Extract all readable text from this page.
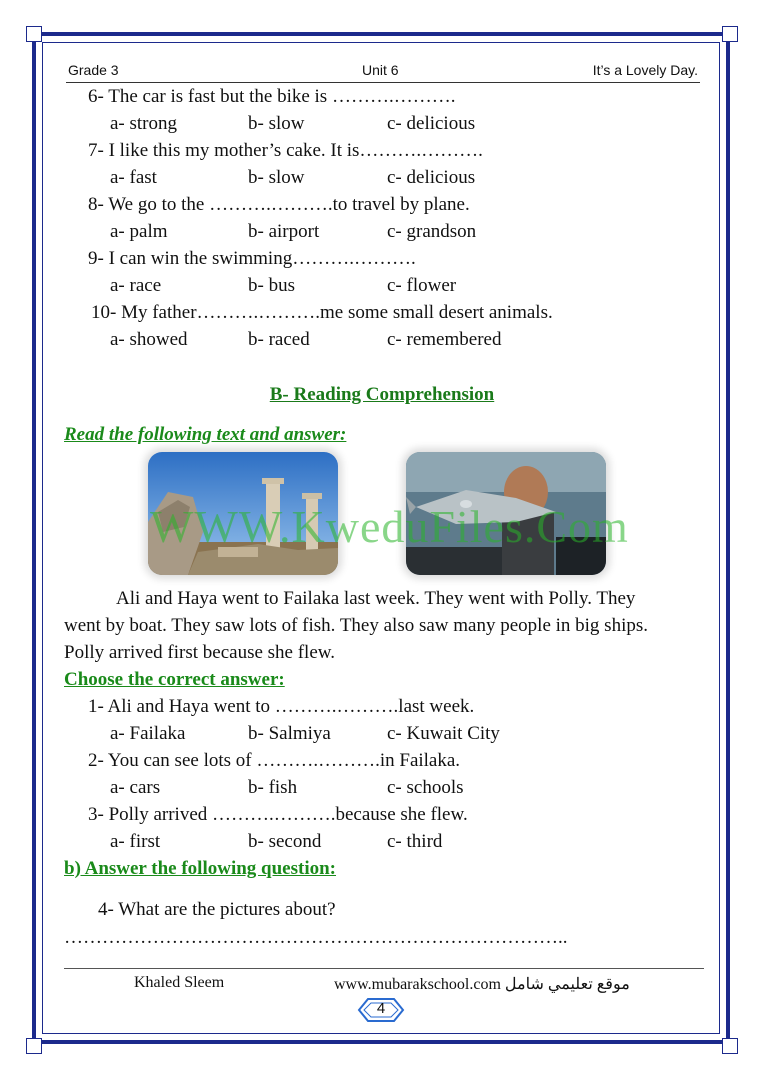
Grade 3	Unit 6	It’s a Lovely Day.
6- The car is fast but the bike is ……….……….
a- strong	b- slow	c- delicious
7- I like this my mother’s cake. It is……….……….
a- fast	b- slow	c- delicious
8- We go to the ……….……….to travel by plane.
a- palm	b- airport	c- grandson
9- I can win the swimming……….……….
a- race	b- bus	c- flower
10- My father……….……….me some small desert animals.
a- showed	b- raced	c- remembered
B- Reading Comprehension
Read the following text and answer:
WWW.KweduFiles.Com
Ali and Haya went to Failaka last week. They went with Polly. They
went by boat. They saw lots of fish. They also saw many people in big ships.
Polly arrived first because she flew.
Choose the correct answer:
1- Ali and Haya went to ……….……….last week.
a- Failaka	b- Salmiya	c- Kuwait City
2- You can see lots of ……….……….in Failaka.
a- cars	b- fish	c- schools
3- Polly arrived ……….……….because she flew.
a- first	b- second	c- third
b) Answer the following question:
4- What are the pictures about?
……………………………………………………………………..
Khaled Sleem	www.mubarakschool.com موقع تعليمي شامل
4
